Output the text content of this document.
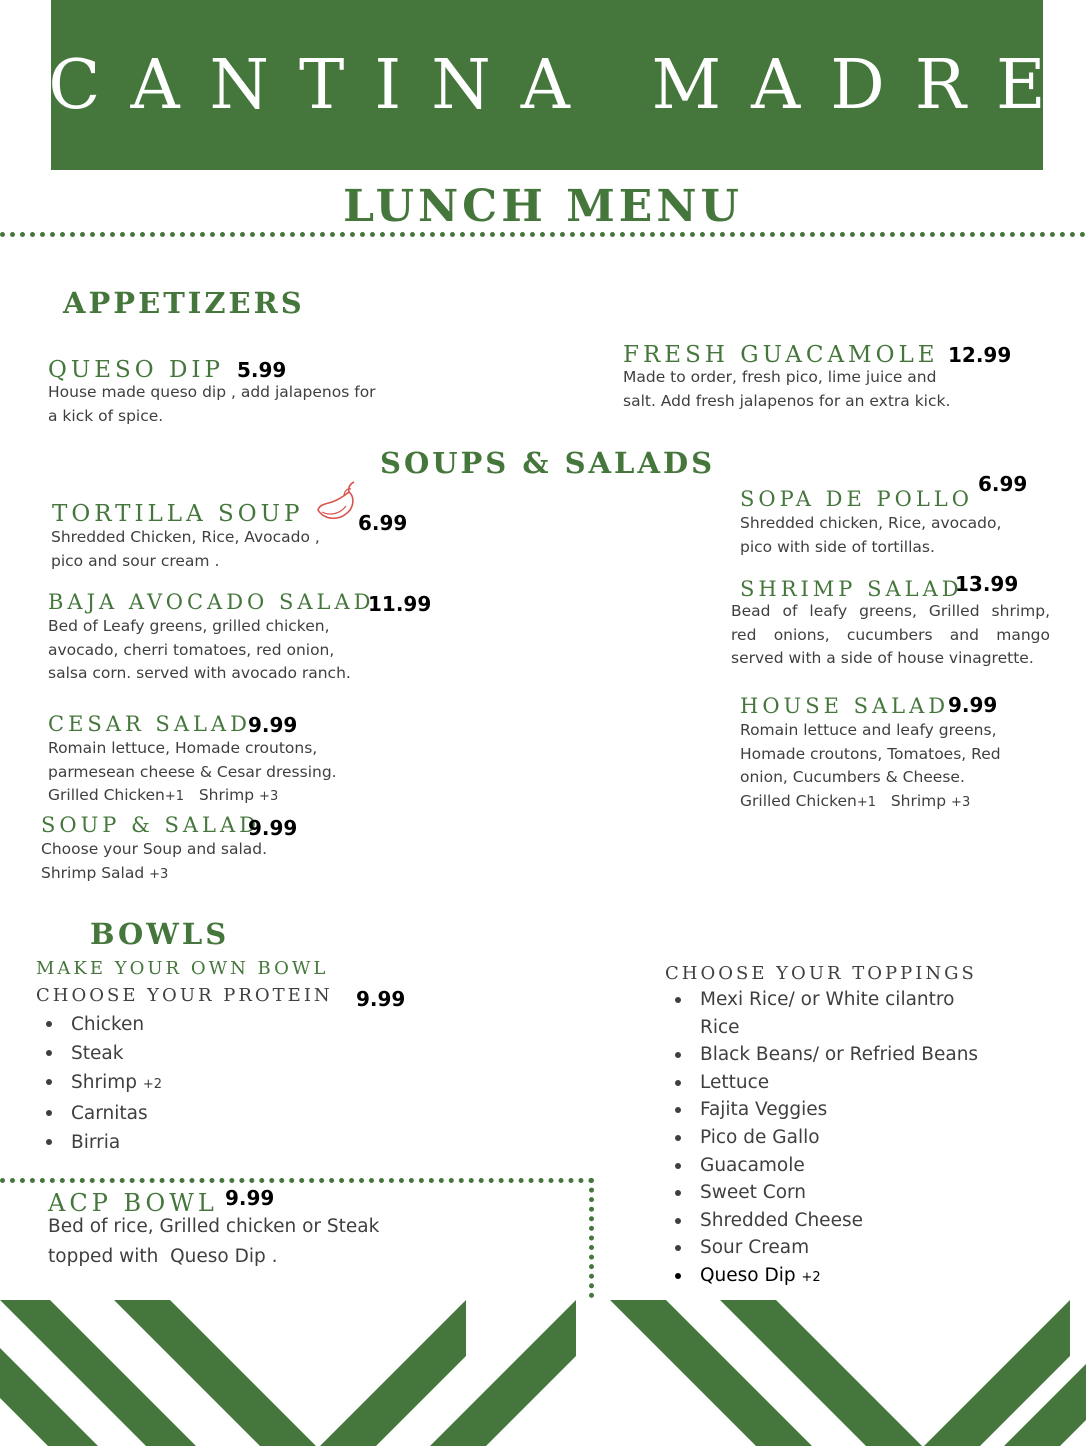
CANTINA MADRE
LUNCH MENU
APPETIZERS
QUESO DIP 5.99
House made queso dip , add jalapenos for
a kick of spice.
FRESH GUACAMOLE 12.99
Made to order, fresh pico, lime juice and
salt. Add fresh jalapenos for an extra kick.
SOUPS & SALADS
TORTILLA SOUP	6.99
Shredded Chicken, Rice, Avocado ,
pico and sour cream .
BAJA AVOCADO SALAD
11.99
Bed of Leafy greens, grilled chicken,
avocado, cherri tomatoes, red onion,
salsa corn. served with avocado ranch.
CESAR SALAD
9.99
Romain lettuce, Homade croutons,
parmesean cheese & Cesar dressing.
Grilled Chicken+1 Shrimp +3
SOUP & SALAD
9.99
Choose your Soup and salad.
Shrimp Salad +3
SOPA DE POLLO
6.99
Shredded chicken, Rice, avocado,
pico with side of tortillas.
SHRIMP SALAD
13.99
Bead of leafy greens, Grilled shrimp,
red onions, cucumbers and mango
served with a side of house vinagrette.
HOUSE SALAD
9.99
Romain lettuce and leafy greens,
Homade croutons, Tomatoes, Red
onion, Cucumbers & Cheese.
Grilled Chicken+1 Shrimp +3
BOWLS
MAKE YOUR OWN BOWL
CHOOSE YOUR PROTEIN 9.99
Chicken
Steak
Shrimp +2
Carnitas
Birria
CHOOSE YOUR TOPPINGS
Mexi Rice/ or White cilantro
Rice
Black Beans/ or Refried Beans
Lettuce
Fajita Veggies
Pico de Gallo
Guacamole
Sweet Corn
Shredded Cheese
Sour Cream
Queso Dip +2
ACP BOWL 9.99
Bed of rice, Grilled chicken or Steak
topped with  Queso Dip .
